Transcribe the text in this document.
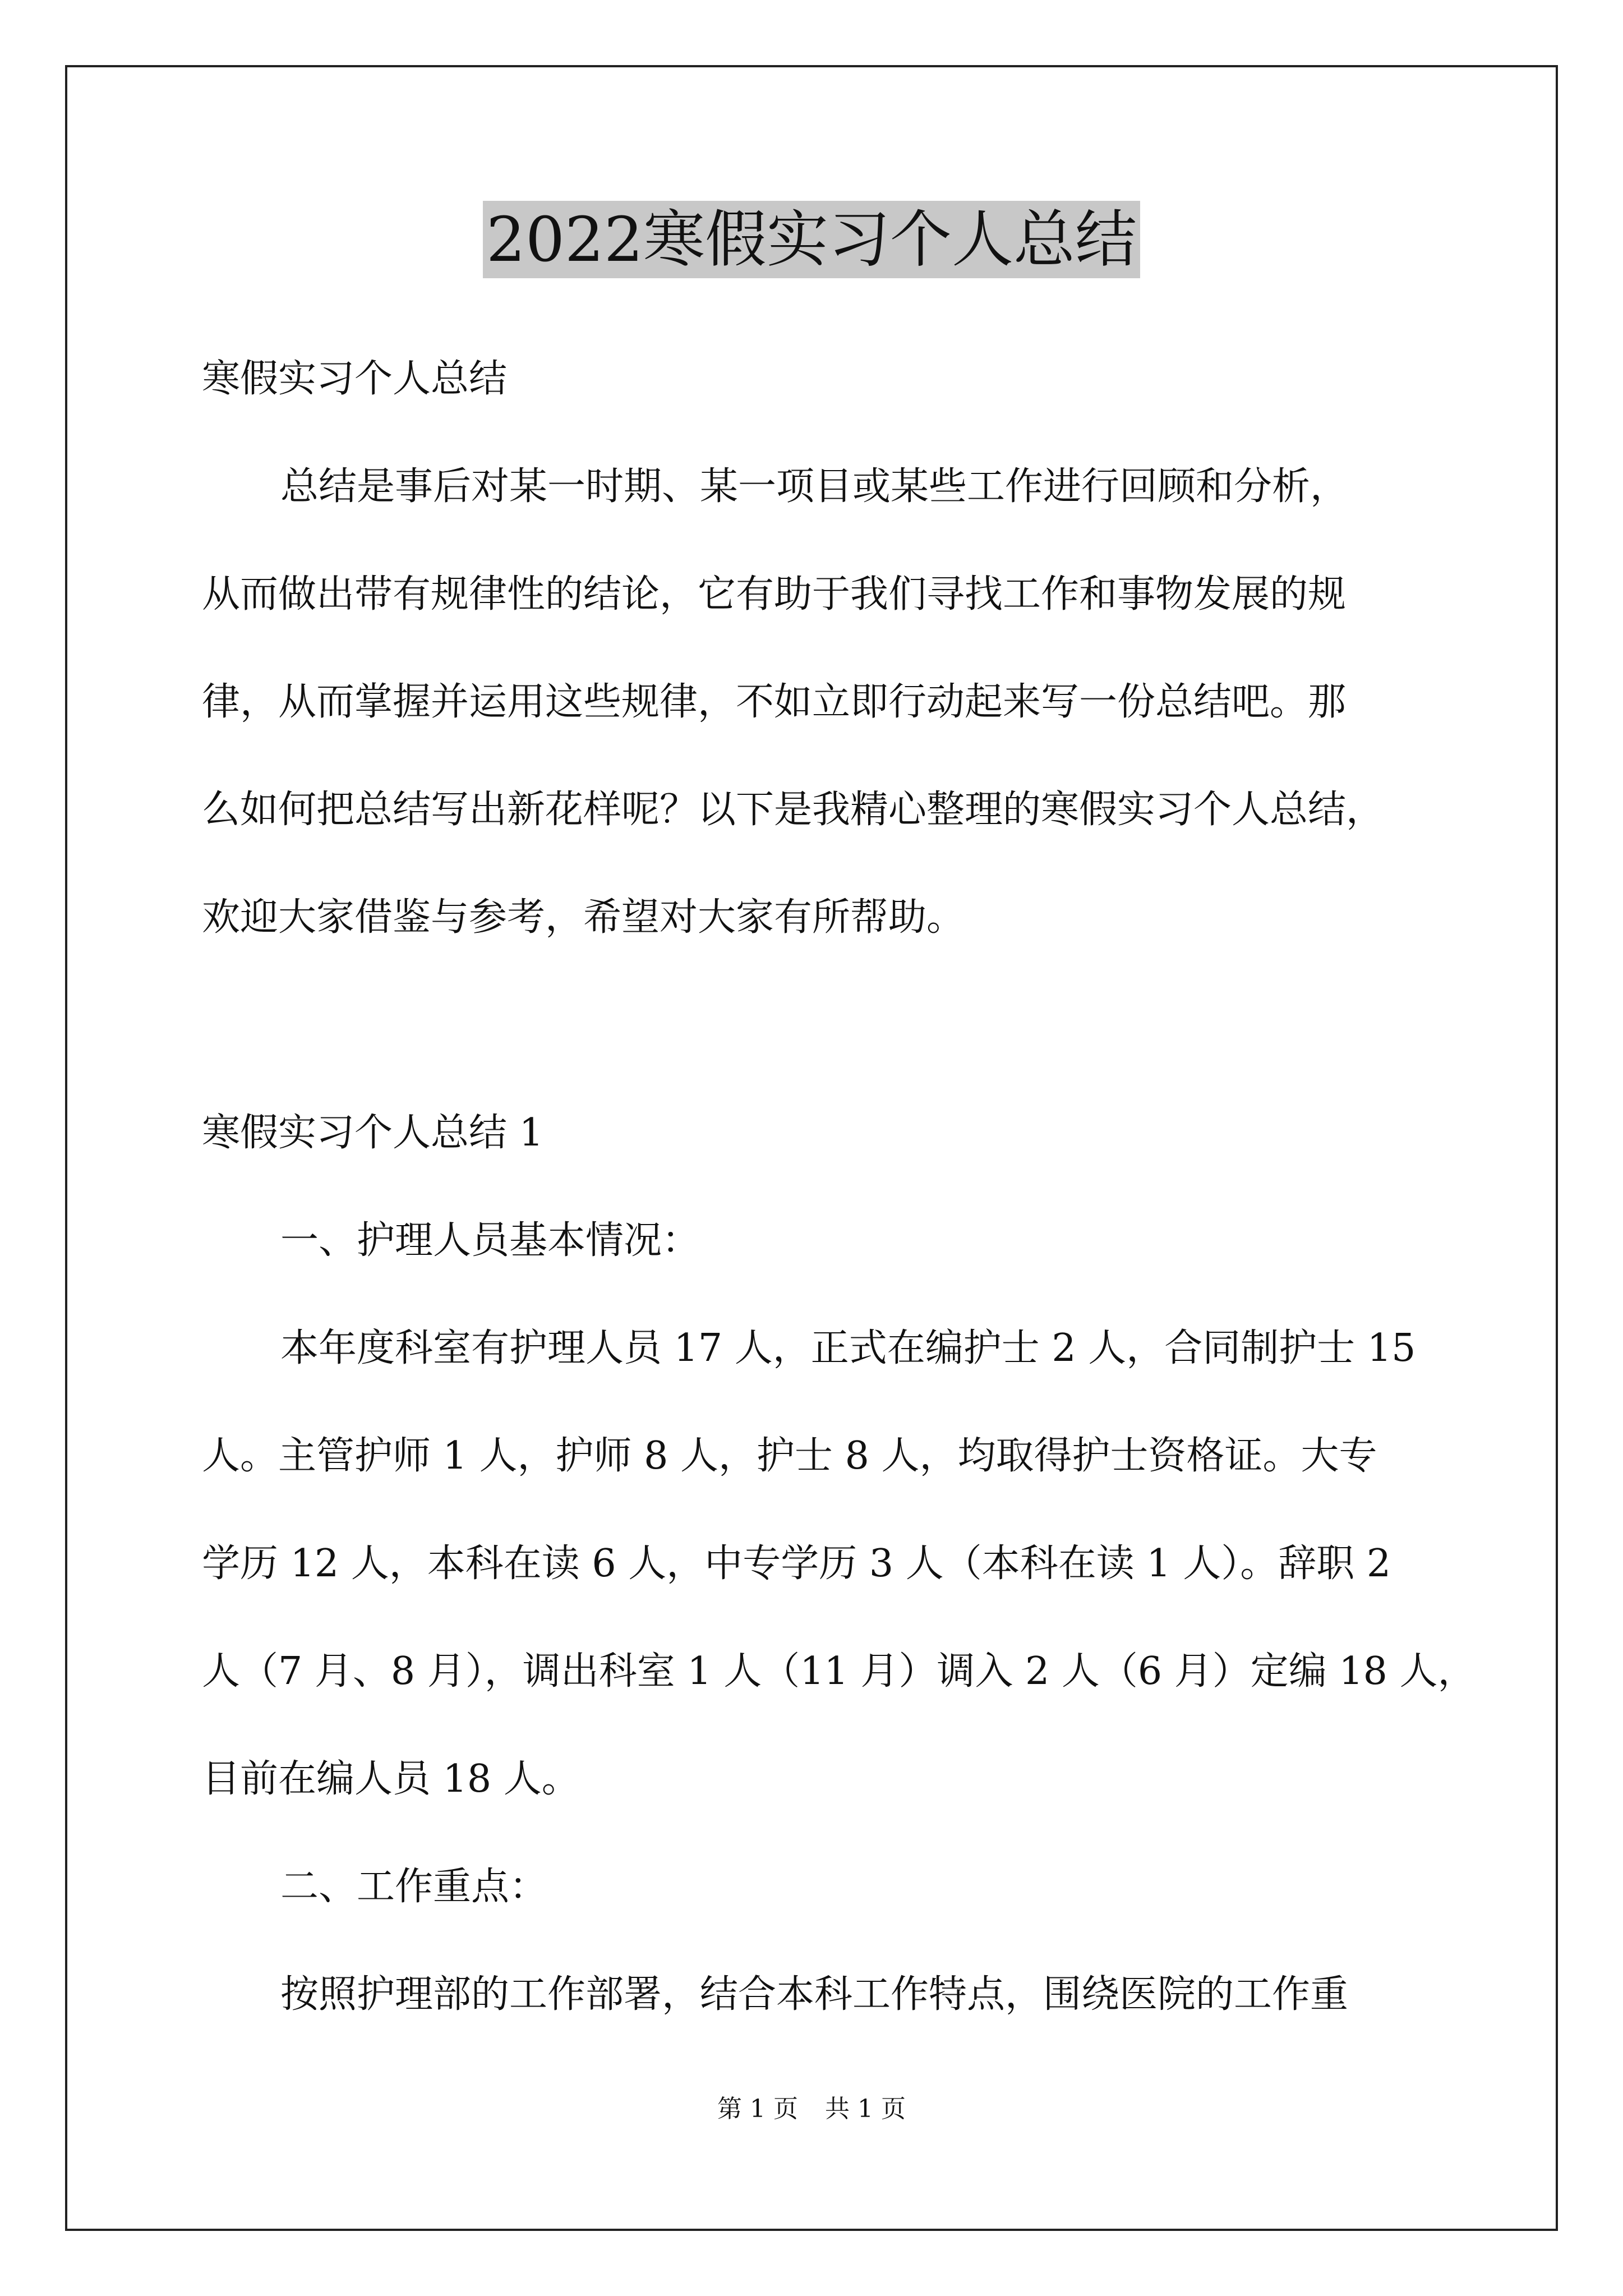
2022寒假实习个人总结
寒假实习个人总结
总结是事后对某一时期、某一项目或某些工作进行回顾和分析，
从而做出带有规律性的结论，它有助于我们寻找工作和事物发展的规
律，从而掌握并运用这些规律，不如立即行动起来写一份总结吧。那
么如何把总结写出新花样呢？以下是我精心整理的寒假实习个人总结，
欢迎大家借鉴与参考，希望对大家有所帮助。
寒假实习个人总结 1
一、护理人员基本情况：
本年度科室有护理人员 17 人，正式在编护士 2 人，合同制护士 15
人。主管护师 1 人，护师 8 人，护士 8 人，均取得护士资格证。大专
学历 12 人，本科在读 6 人，中专学历 3 人（本科在读 1 人）。辞职 2
人（7 月、8 月），调出科室 1 人（11 月）调入 2 人（6 月）定编 18 人，
目前在编人员 18 人。
二、工作重点：
按照护理部的工作部署，结合本科工作特点，围绕医院的工作重
第 1 页 共 1 页
